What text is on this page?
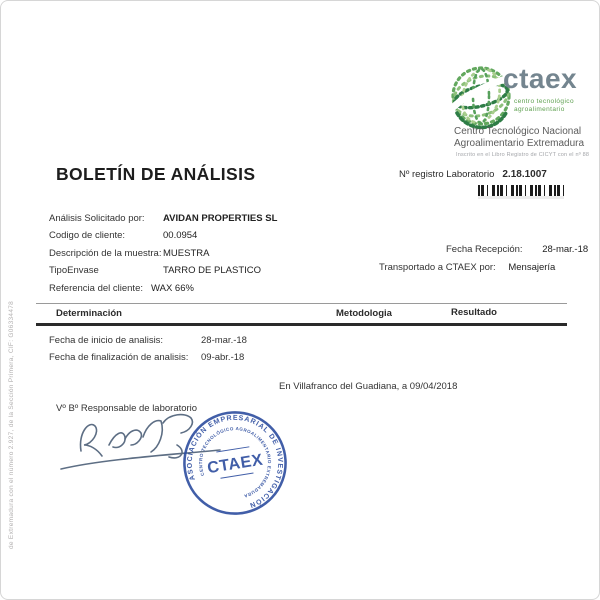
de Extremadura con el número 2.927, de la Sección Primera, CIF: G06334478
ctaex
centro tecnológico
agroalimentario
Centro Tecnológico Nacional
Agroalimentario Extremadura
Inscrito en el Libro Registro de CICYT con el nº 88
BOLETÍN DE ANÁLISIS	Nº registro Laboratorio 2.18.1007
Análisis Solicitado por:	AVIDAN PROPERTIES SL
Codigo de cliente:	00.0954
Descripción de la muestra: MUESTRA
TipoEnvase	TARRO DE PLASTICO
Referencia del cliente: WAX 66%
Fecha Recepción: 28-mar.-18
Transportado a CTAEX por: Mensajería
Determinación	Metodologia	Resultado
Fecha de inicio de analisis:	28-mar.-18
Fecha de finalización de analisis:	09-abr.-18
En Villafranco del Guadiana, a 09/04/2018
Vº Bº Responsable de laboratorio
ASOCIACIÓN EMPRESARIAL DE INVESTIGACIÓN
CENTRO TECNOLÓGICO AGROALIMENTARIO EXTREMADURA
CTAEX
